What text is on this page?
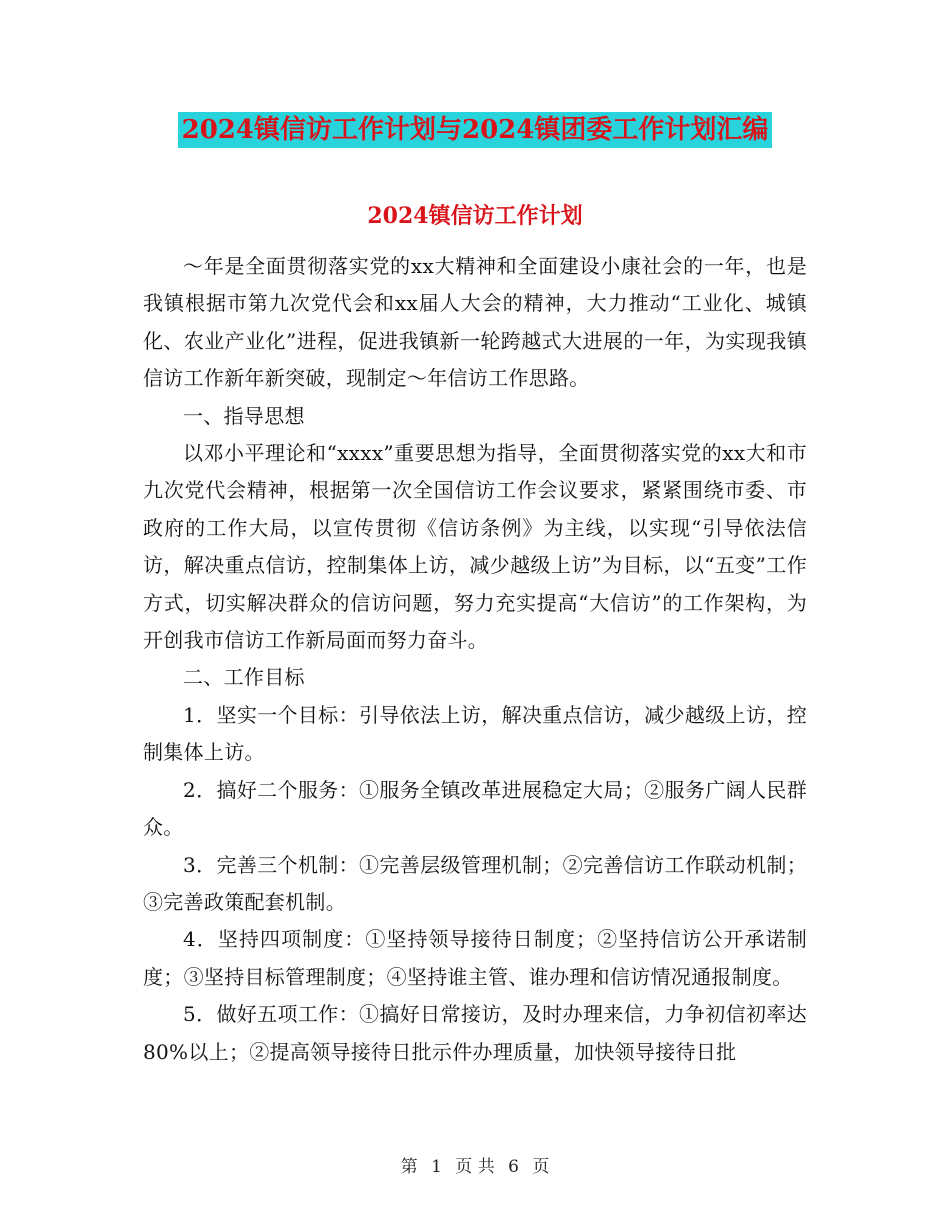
2024镇信访工作计划与2024镇团委工作计划汇编
2024镇信访工作计划

～年是全面贯彻落实党的xx大精神和全面建设小康社会的一年，也是我镇根据市第九次党代会和xx届人大会的精神，大力推动“工业化、城镇化、农业产业化”进程，促进我镇新一轮跨越式大进展的一年，为实现我镇信访工作新年新突破，现制定～年信访工作思路。

一、指导思想

以邓小平理论和“xxxx”重要思想为指导，全面贯彻落实党的xx大和市九次党代会精神，根据第一次全国信访工作会议要求，紧紧围绕市委、市政府的工作大局，以宣传贯彻《信访条例》为主线，以实现“引导依法信访，解决重点信访，控制集体上访，减少越级上访”为目标，以“五变”工作方式，切实解决群众的信访问题，努力充实提高“大信访”的工作架构，为开创我市信访工作新局面而努力奋斗。

二、工作目标

1．坚实一个目标：引导依法上访，解决重点信访，减少越级上访，控制集体上访。

2．搞好二个服务：①服务全镇改革进展稳定大局；②服务广阔人民群众。

3．完善三个机制：①完善层级管理机制；②完善信访工作联动机制；③完善政策配套机制。

4．坚持四项制度：①坚持领导接待日制度；②坚持信访公开承诺制度；③坚持目标管理制度；④坚持谁主管、谁办理和信访情况通报制度。

5．做好五项工作：①搞好日常接访，及时办理来信，力争初信初率达80%以上；②提高领导接待日批示件办理质量，加快领导接待日批

第 1 页 共 6 页
